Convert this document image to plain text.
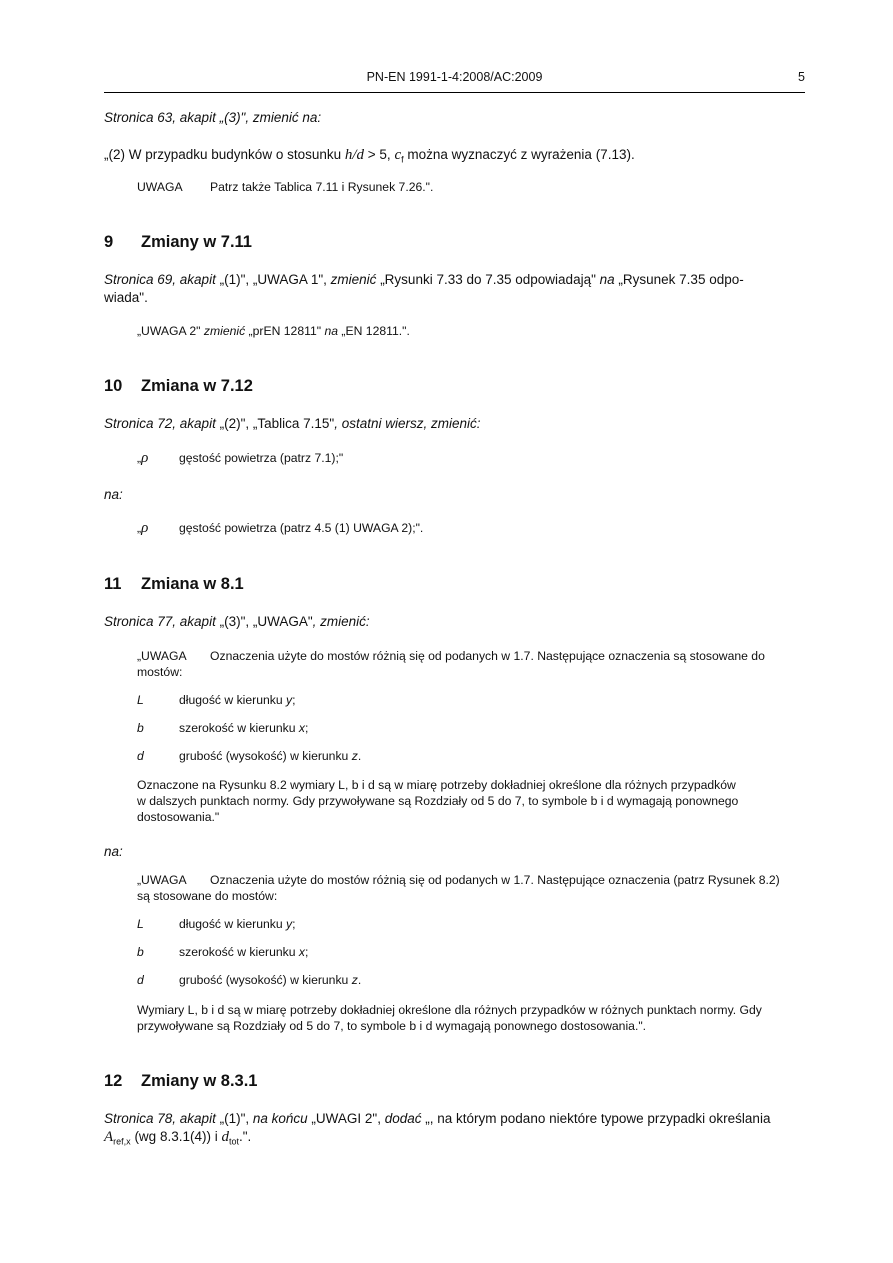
PN-EN 1991-1-4:2008/AC:2009	5
Stronica 63, akapit „(3)", zmienić na:
„(2) W przypadku budynków o stosunku h/d > 5, $c_f$ można wyznaczyć z wyrażenia (7.13).
UWAGA Patrz także Tablica 7.11 i Rysunek 7.26.".
9 Zmiany w 7.11
Stronica 69, akapit „(1)", „UWAGA 1", zmienić „Rysunki 7.33 do 7.35 odpowiadają" na „Rysunek 7.35 odpo-
wiada".
„UWAGA 2" zmienić „prEN 12811" na „EN 12811.".
10 Zmiana w 7.12
Stronica 72, akapit „(2)", „Tablica 7.15", ostatni wiersz, zmienić:
„ρ	gęstość powietrza (patrz 7.1);"
na:
„ρ	gęstość powietrza (patrz 4.5 (1) UWAGA 2);".
11 Zmiana w 8.1
Stronica 77, akapit „(3)", „UWAGA", zmienić:
„UWAGA Oznaczenia użyte do mostów różnią się od podanych w 1.7. Następujące oznaczenia są stosowane do
mostów:
L	długość w kierunku y;
b	szerokość w kierunku x;
d	grubość (wysokość) w kierunku z.
Oznaczone na Rysunku 8.2 wymiary L, b i d są w miarę potrzeby dokładniej określone dla różnych przypadków
w dalszych punktach normy. Gdy przywoływane są Rozdziały od 5 do 7, to symbole b i d wymagają ponownego
dostosowania."
na:
„UWAGA Oznaczenia użyte do mostów różnią się od podanych w 1.7. Następujące oznaczenia (patrz Rysunek 8.2)
są stosowane do mostów:
L	długość w kierunku y;
b	szerokość w kierunku x;
d	grubość (wysokość) w kierunku z.
Wymiary L, b i d są w miarę potrzeby dokładniej określone dla różnych przypadków w różnych punktach normy. Gdy
przywoływane są Rozdziały od 5 do 7, to symbole b i d wymagają ponownego dostosowania.".
12 Zmiany w 8.3.1
Stronica 78, akapit „(1)", na końcu „UWAGI 2", dodać „, na którym podano niektóre typowe przypadki określania
$A_{ref,x}$ (wg 8.3.1(4)) i $d_{tot}$.".
